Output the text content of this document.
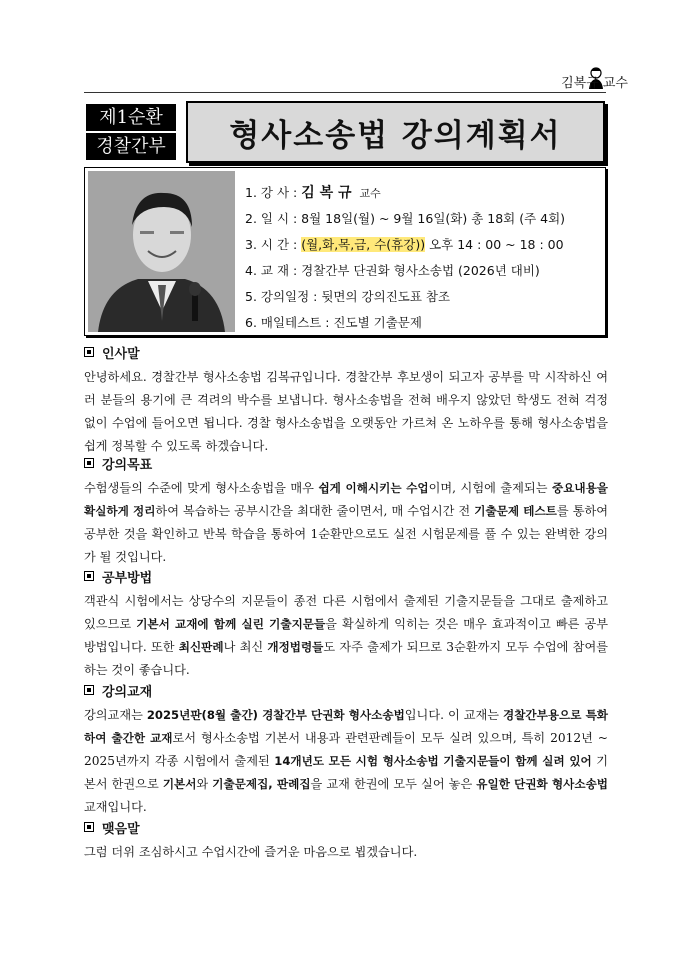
김복규 교수
제1순환
경찰간부	형사소송법 강의계획서
1. 강 사 : 김 복 규 교수
2. 일 시 : 8월 18일(월) ~ 9월 16일(화) 총 18회 (주 4회)
3. 시 간 : (월,화,목,금, 수(휴강)) 오후 14 : 00 ~ 18 : 00
4. 교 재 : 경찰간부 단권화 형사소송법 (2026년 대비)
5. 강의일정 : 뒷면의 강의진도표 참조
6. 매일테스트 : 진도별 기출문제
인사말
안녕하세요. 경찰간부 형사소송법 김복규입니다. 경찰간부 후보생이 되고자 공부를 막 시작하신 여러 분들의 용기에 큰 격려의 박수를 보냅니다. 형사소송법을 전혀 배우지 않았던 학생도 전혀 걱정 없이 수업에 들어오면 됩니다. 경찰 형사소송법을 오랫동안 가르쳐 온 노하우를 통해 형사소송법을 쉽게 정복할 수 있도록 하겠습니다.
강의목표
수험생들의 수준에 맞게 형사소송법을 매우 쉽게 이해시키는 수업이며, 시험에 출제되는 중요내용을 확실하게 정리하여 복습하는 공부시간을 최대한 줄이면서, 매 수업시간 전 기출문제 테스트를 통하여 공부한 것을 확인하고 반복 학습을 통하여 1순환만으로도 실전 시험문제를 풀 수 있는 완벽한 강의가 될 것입니다.
공부방법
객관식 시험에서는 상당수의 지문들이 종전 다른 시험에서 출제된 기출지문들을 그대로 출제하고 있으므로 기본서 교재에 함께 실린 기출지문들을 확실하게 익히는 것은 매우 효과적이고 빠른 공부 방법입니다. 또한 최신판례나 최신 개정법령들도 자주 출제가 되므로 3순환까지 모두 수업에 참여를 하는 것이 좋습니다.
강의교재
강의교재는 2025년판(8월 출간) 경찰간부 단권화 형사소송법입니다. 이 교재는 경찰간부용으로 특화하여 출간한 교재로서 형사소송법 기본서 내용과 관련판례들이 모두 실려 있으며, 특히 2012년 ~ 2025년까지 각종 시험에서 출제된 14개년도 모든 시험 형사소송법 기출지문들이 함께 실려 있어 기본서 한권으로 기본서와 기출문제집, 판례집을 교재 한권에 모두 실어 놓은 유일한 단권화 형사소송법 교재입니다.
맺음말
그럼 더위 조심하시고 수업시간에 즐거운 마음으로 뵙겠습니다.
